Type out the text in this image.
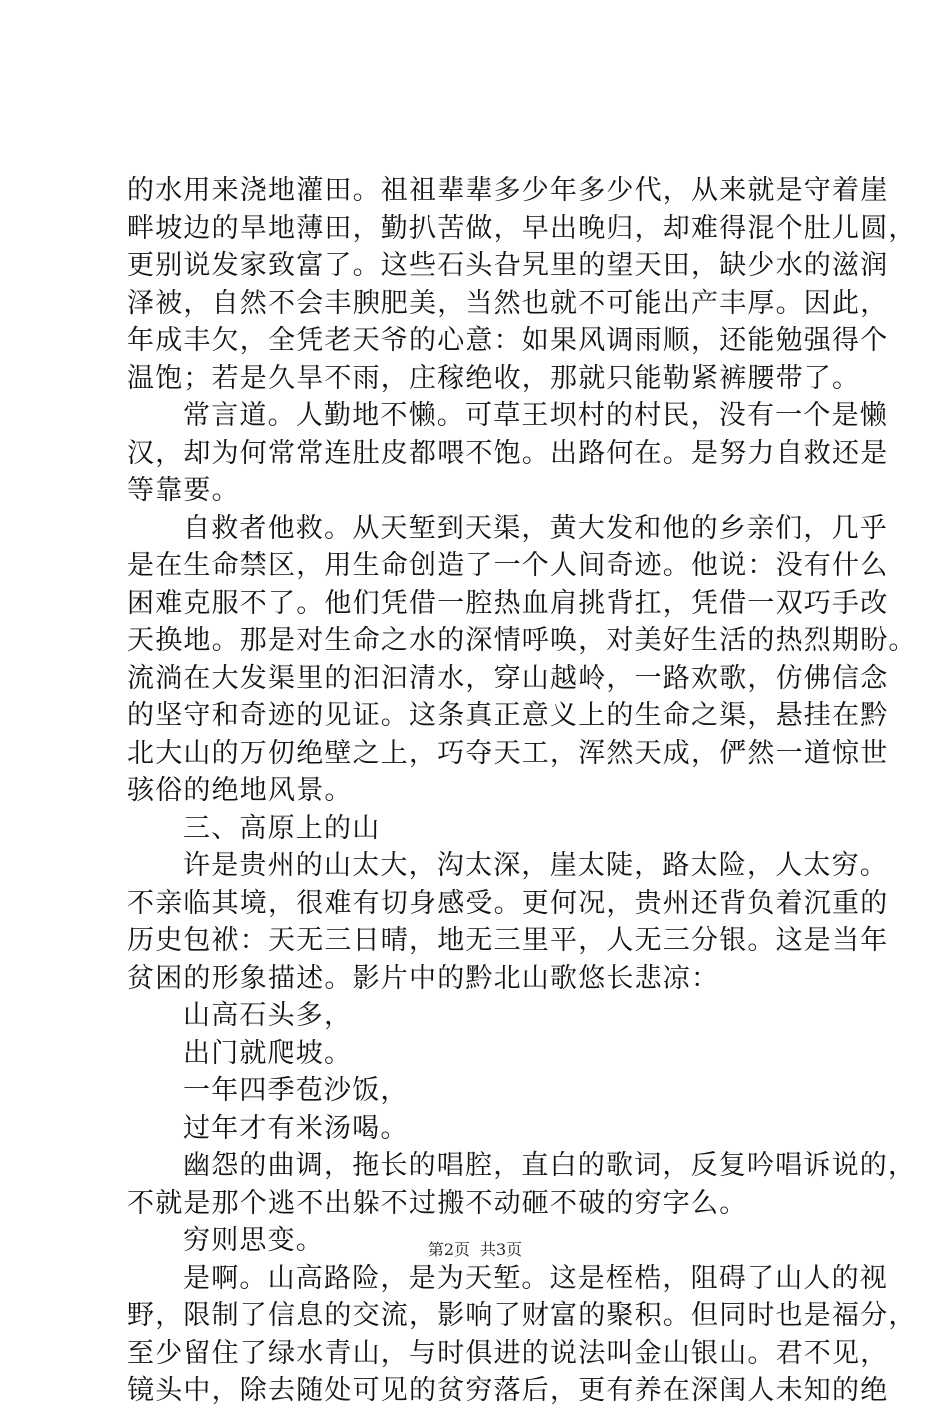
的水用来浇地灌田。祖祖辈辈多少年多少代，从来就是守着崖
畔坡边的旱地薄田，勤扒苦做，早出晚归，却难得混个肚儿圆，
更别说发家致富了。这些石头旮旯里的望天田，缺少水的滋润
泽被，自然不会丰腴肥美，当然也就不可能出产丰厚。因此，
年成丰欠，全凭老天爷的心意：如果风调雨顺，还能勉强得个
温饱；若是久旱不雨，庄稼绝收，那就只能勒紧裤腰带了。
常言道。人勤地不懒。可草王坝村的村民，没有一个是懒
汉，却为何常常连肚皮都喂不饱。出路何在。是努力自救还是
等靠要。
自救者他救。从天堑到天渠，黄大发和他的乡亲们，几乎
是在生命禁区，用生命创造了一个人间奇迹。他说：没有什么
困难克服不了。他们凭借一腔热血肩挑背扛，凭借一双巧手改
天换地。那是对生命之水的深情呼唤，对美好生活的热烈期盼。
流淌在大发渠里的汩汩清水，穿山越岭，一路欢歌，仿佛信念
的坚守和奇迹的见证。这条真正意义上的生命之渠，悬挂在黔
北大山的万仞绝壁之上，巧夺天工，浑然天成，俨然一道惊世
骇俗的绝地风景。
三、高原上的山
许是贵州的山太大，沟太深，崖太陡，路太险，人太穷。
不亲临其境，很难有切身感受。更何况，贵州还背负着沉重的
历史包袱：天无三日晴，地无三里平，人无三分银。这是当年
贫困的形象描述。影片中的黔北山歌悠长悲凉：
山高石头多，
出门就爬坡。
一年四季苞沙饭，
过年才有米汤喝。
幽怨的曲调，拖长的唱腔，直白的歌词，反复吟唱诉说的，
不就是那个逃不出躲不过搬不动砸不破的穷字么。
穷则思变。
是啊。山高路险，是为天堑。这是桎梏，阻碍了山人的视
野，限制了信息的交流，影响了财富的聚积。但同时也是福分，
至少留住了绿水青山，与时俱进的说法叫金山银山。君不见，
镜头中，除去随处可见的贫穷落后，更有养在深闺人未知的绝
第2页 共3页
